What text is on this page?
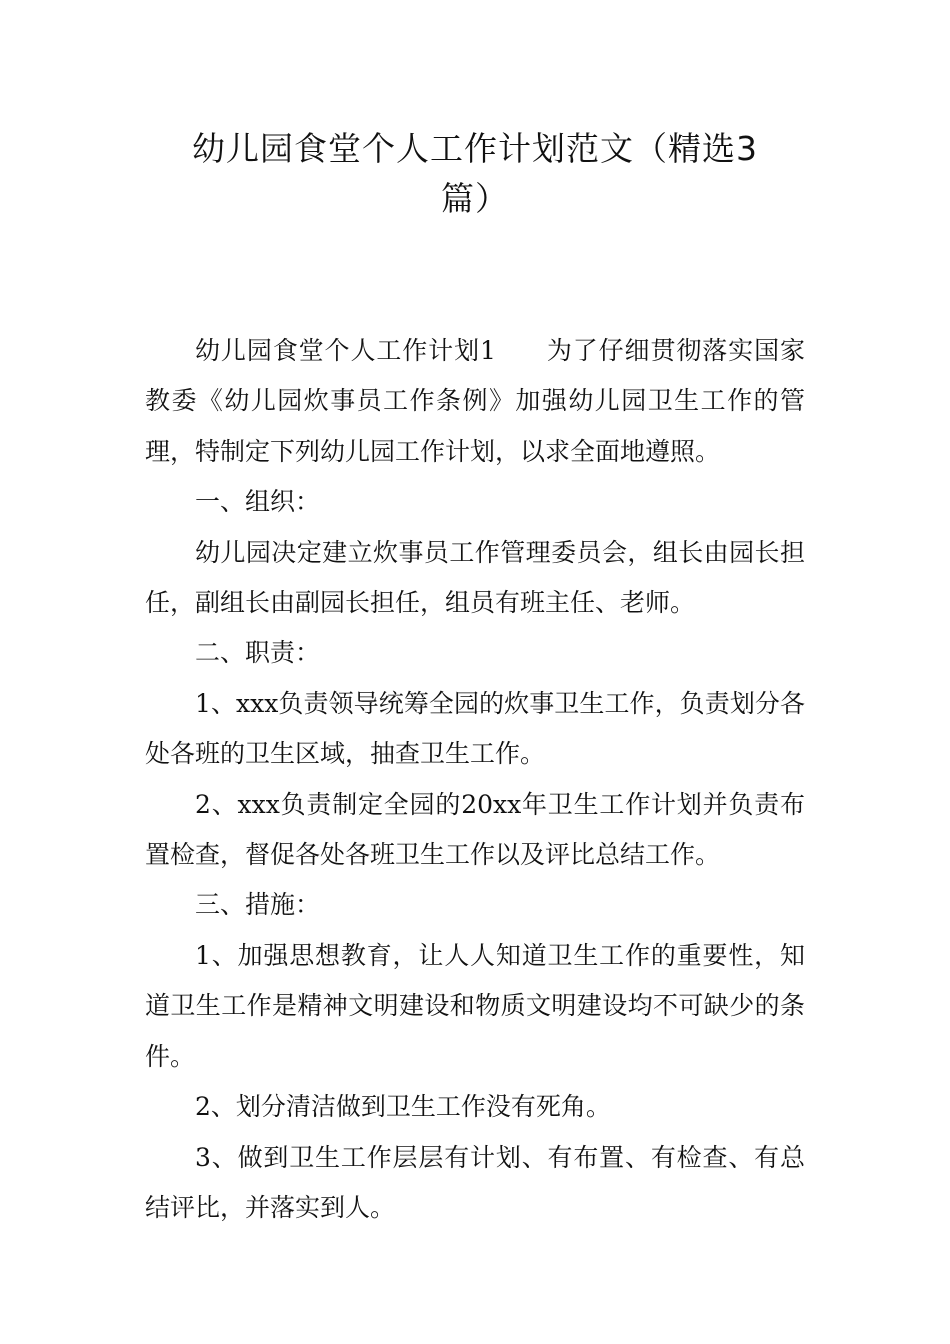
幼儿园食堂个人工作计划范文（精选3
篇）

幼儿园食堂个人工作计划1 为了仔细贯彻落实国家教委《幼儿园炊事员工作条例》加强幼儿园卫生工作的管理，特制定下列幼儿园工作计划，以求全面地遵照。

一、组织：

幼儿园决定建立炊事员工作管理委员会，组长由园长担任，副组长由副园长担任，组员有班主任、老师。

二、职责：

1、xxx负责领导统筹全园的炊事卫生工作，负责划分各处各班的卫生区域，抽查卫生工作。

2、xxx负责制定全园的20xx年卫生工作计划并负责布置检查，督促各处各班卫生工作以及评比总结工作。

三、措施：

1、加强思想教育，让人人知道卫生工作的重要性，知道卫生工作是精神文明建设和物质文明建设均不可缺少的条件。

2、划分清洁做到卫生工作没有死角。

3、做到卫生工作层层有计划、有布置、有检查、有总结评比，并落实到人。
